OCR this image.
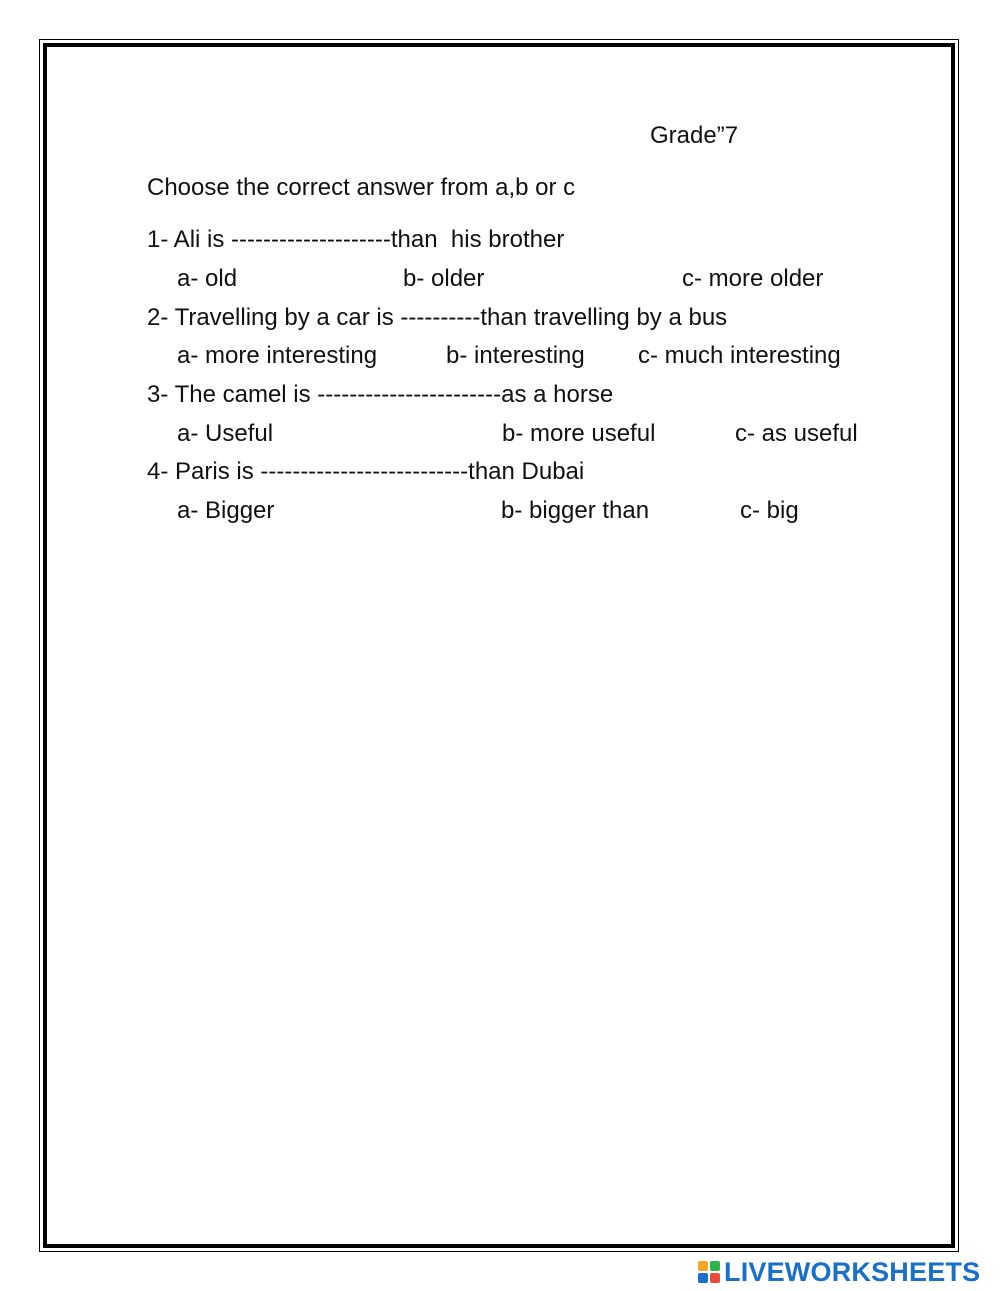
Grade”7
Choose the correct answer from a,b or c
1- Ali is --------------------than  his brother
a- old	b- older	c- more older
2- Travelling by a car is ----------than travelling by a bus
a- more interesting	b- interesting c- much interesting
3- The camel is -----------------------as a horse
a- Useful	b- more useful	c- as useful
4- Paris is --------------------------than Dubai
a- Bigger	b- bigger than	c- big
LIVEWORKSHEETS
